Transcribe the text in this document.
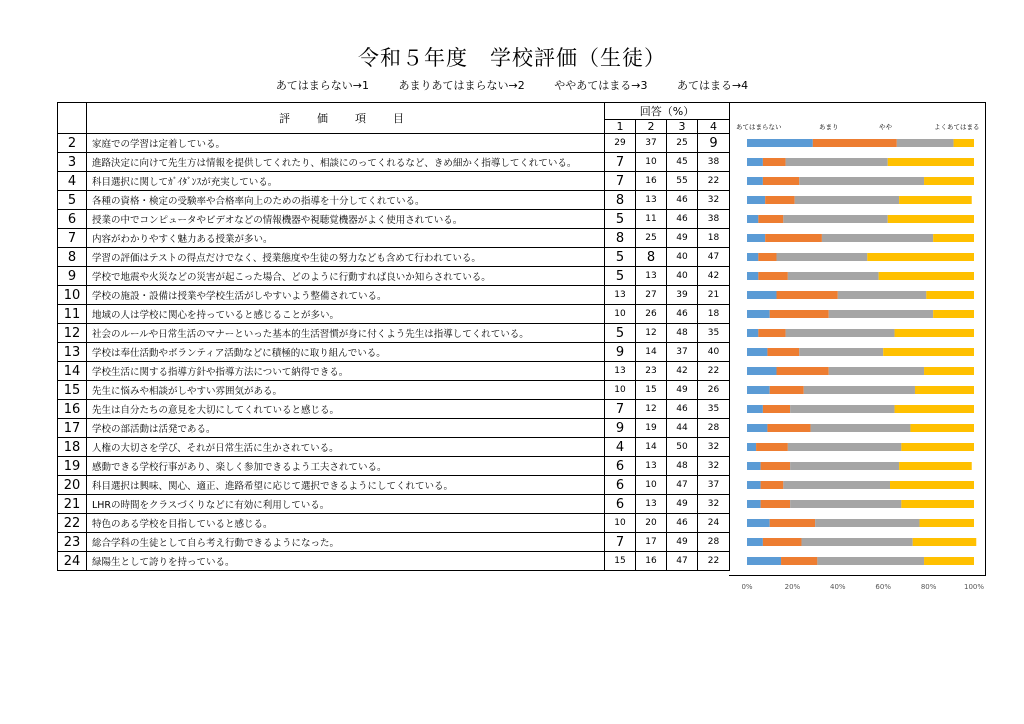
令和５年度　学校評価（生徒）
あてはまらない→1	あまりあてはまらない→2	ややあてはまる→3	あてはまる→4
	評　価　項　目	回答（%）			
		1	2	3	4
2	家庭での学習は定着している。	29	37	25	9
3	進路決定に向けて先生方は情報を提供してくれたり、相談にのってくれるなど、きめ細かく指導してくれている。	7	10	45	38
4	科目選択に関してｶﾞｲﾀﾞﾝｽが充実している。	7	16	55	22
5	各種の資格・検定の受験率や合格率向上のための指導を十分してくれている。	8	13	46	32
6	授業の中でコンピュータやビデオなどの情報機器や視聴覚機器がよく使用されている。	5	11	46	38
7	内容がわかりやすく魅力ある授業が多い。	8	25	49	18
8	学習の評価はテストの得点だけでなく、授業態度や生徒の努力なども含めて行われている。	5	8	40	47
9	学校で地震や火災などの災害が起こった場合、どのように行動すれば良いか知らされている。	5	13	40	42
10	学校の施設・設備は授業や学校生活がしやすいよう整備されている。	13	27	39	21
11	地域の人は学校に関心を持っていると感じることが多い。	10	26	46	18
12	社会のルールや日常生活のマナーといった基本的生活習慣が身に付くよう先生は指導してくれている。	5	12	48	35
13	学校は奉仕活動やボランティア活動などに積極的に取り組んでいる。	9	14	37	40
14	学校生活に関する指導方針や指導方法について納得できる。	13	23	42	22
15	先生に悩みや相談がしやすい雰囲気がある。	10	15	49	26
16	先生は自分たちの意見を大切にしてくれていると感じる。	7	12	46	35
17	学校の部活動は活発である。	9	19	44	28
18	人権の大切さを学び、それが日常生活に生かされている。	4	14	50	32
19	感動できる学校行事があり、楽しく参加できるよう工夫されている。	6	13	48	32
20	科目選択は興味、関心、適正、進路希望に応じて選択できるようにしてくれている。	6	10	47	37
21	LHRの時間をクラスづくりなどに有効に利用している。	6	13	49	32
22	特色のある学校を目指していると感じる。	10	20	46	24
23	総合学科の生徒として自ら考え行動できるようになった。	7	17	49	28
24	緑陽生として誇りを持っている。	15	16	47	22
あてはまらない	あまり	やや	よくあてはまる
0%	20%	40%	60%	80%	100%
